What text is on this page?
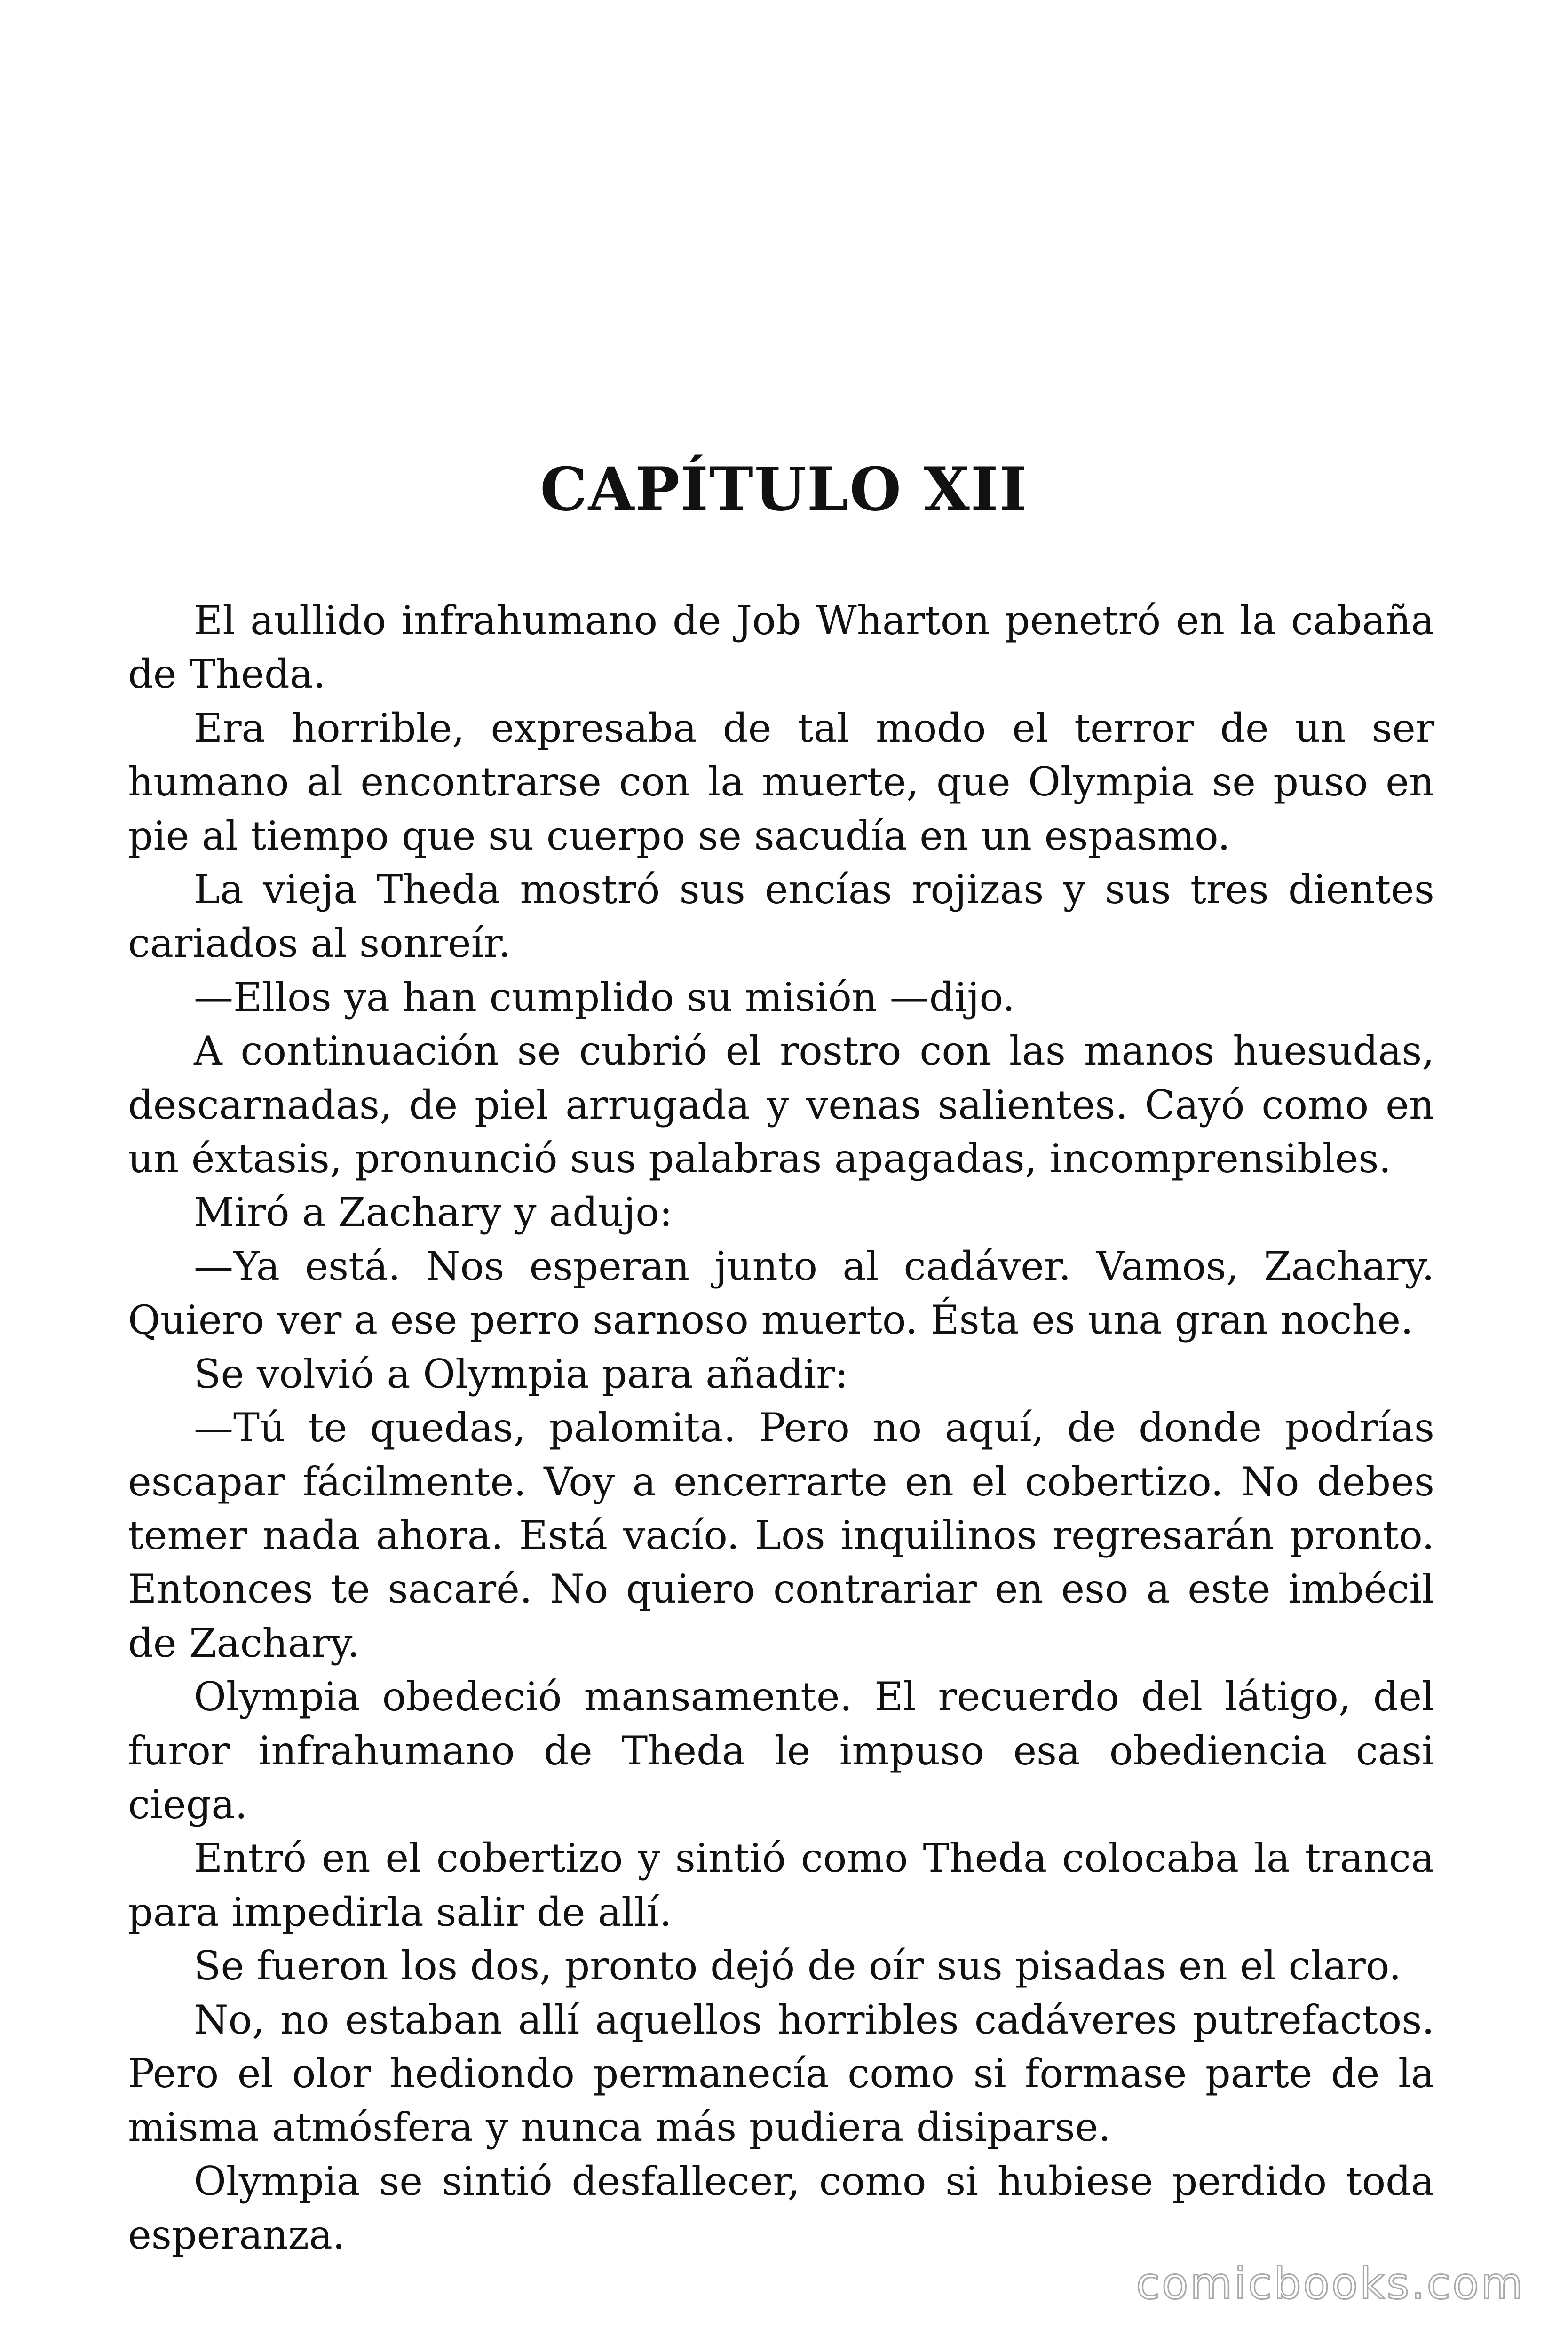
CAPÍTULO XII

El aullido infrahumano de Job Wharton penetró en la cabaña de Theda.

Era horrible, expresaba de tal modo el terror de un ser humano al encontrarse con la muerte, que Olympia se puso en pie al tiempo que su cuerpo se sacudía en un espasmo.

La vieja Theda mostró sus encías rojizas y sus tres dientes cariados al sonreír.

—Ellos ya han cumplido su misión —dijo.

A continuación se cubrió el rostro con las manos huesudas, descarnadas, de piel arrugada y venas salientes. Cayó como en un éxtasis, pronunció sus palabras apagadas, incomprensibles.

Miró a Zachary y adujo:

—Ya está. Nos esperan junto al cadáver. Vamos, Zachary. Quiero ver a ese perro sarnoso muerto. Ésta es una gran noche.

Se volvió a Olympia para añadir:

—Tú te quedas, palomita. Pero no aquí, de donde podrías escapar fácilmente. Voy a encerrarte en el cobertizo. No debes temer nada ahora. Está vacío. Los inquilinos regresarán pronto. Entonces te sacaré. No quiero contrariar en eso a este imbécil de Zachary.

Olympia obedeció mansamente. El recuerdo del látigo, del furor infrahumano de Theda le impuso esa obediencia casi ciega.

Entró en el cobertizo y sintió como Theda colocaba la tranca para impedirla salir de allí.

Se fueron los dos, pronto dejó de oír sus pisadas en el claro.

No, no estaban allí aquellos horribles cadáveres putrefactos. Pero el olor hediondo permanecía como si formase parte de la misma atmósfera y nunca más pudiera disiparse.

Olympia se sintió desfallecer, como si hubiese perdido toda esperanza.

comicbooks.com
